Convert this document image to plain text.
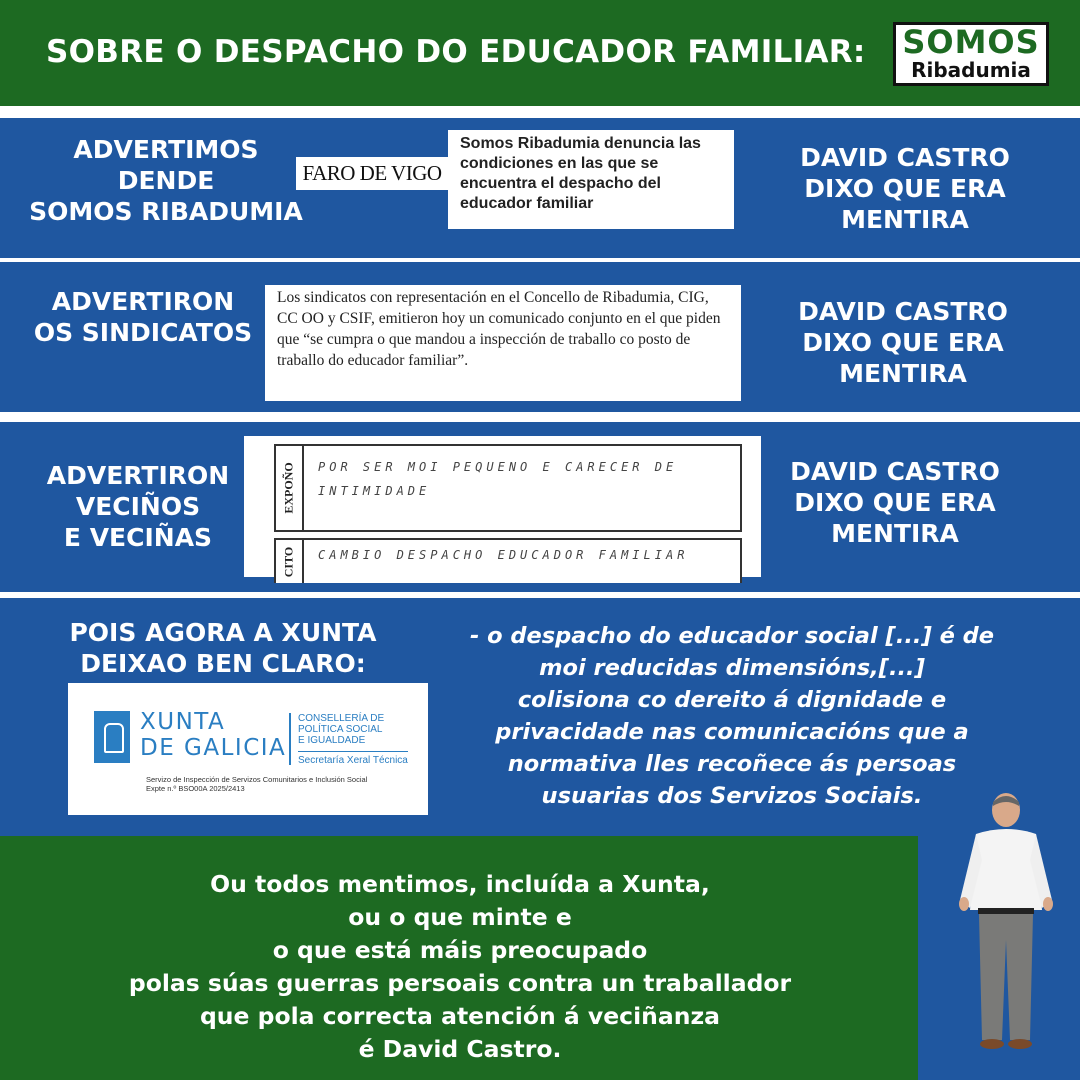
SOBRE O DESPACHO DO EDUCADOR FAMILIAR: SOMOS
Ribadumia
ADVERTIMOS
DENDE
SOMOS RIBADUMIA
FARO DE VIGO
Somos Ribadumia denuncia las condiciones en las que se encuentra el despacho del educador familiar
DAVID CASTRO
DIXO QUE ERA
MENTIRA
ADVERTIRON
OS SINDICATOS
Los sindicatos con representación en el Concello de Ribadumia, CIG, CC OO y CSIF, emitieron hoy un comunicado conjunto en el que piden que “se cumpra o que mandou a inspección de traballo co posto de traballo do educador familiar”.
DAVID CASTRO
DIXO QUE ERA
MENTIRA
ADVERTIRON
VECIÑOS
E VECIÑAS
EXPOÑO POR SER MOI PEQUENO E CARECER DE
INTIMIDADE
CITO CAMBIO DESPACHO EDUCADOR FAMILIAR
DAVID CASTRO
DIXO QUE ERA
MENTIRA
POIS AGORA A XUNTA
DEIXAO BEN CLARO:
XUNTA
DE GALICIA
CONSELLERÍA DE
POLÍTICA SOCIAL
E IGUALDADE
Secretaría Xeral Técnica
Servizo de Inspección de Servizos Comunitarios e Inclusión Social
Expte n.º BSO00A 2025/2413
- o despacho do educador social [...] é de
moi reducidas dimensións,[...]
colisiona co dereito á dignidade e
privacidade nas comunicacións que a
normativa lles recoñece ás persoas
usuarias dos Servizos Sociais.
Ou todos mentimos, incluída a Xunta,
ou o que minte e
o que está máis preocupado
polas súas guerras persoais contra un traballador
que pola correcta atención á veciñanza
é David Castro.
